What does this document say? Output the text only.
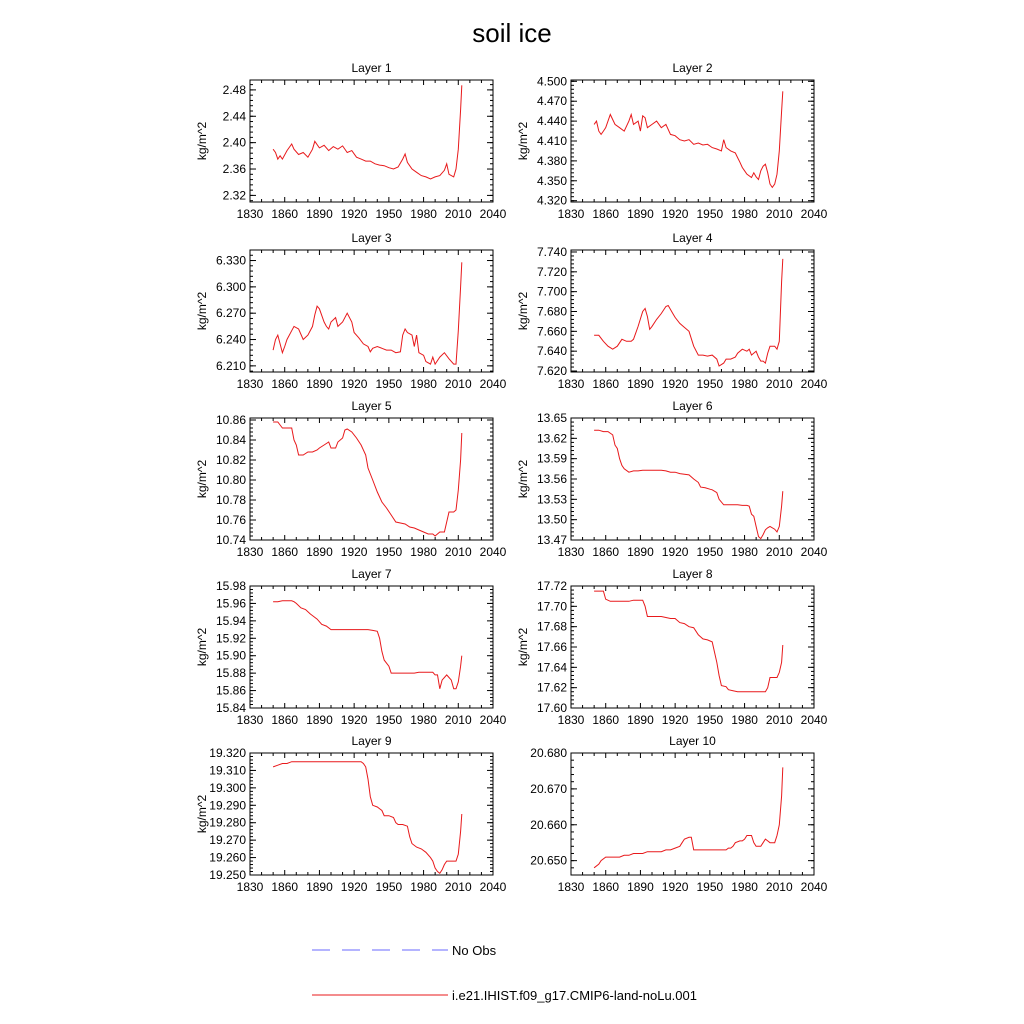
soil ice
Layer 1
1830 1860 1890 1920 1950 1980 2010 2040
2.32
2.36
2.40
2.44
2.48
kg/m^2
Layer 2
1830 1860 1890 1920 1950 1980 2010 2040
4.320
4.350
4.380
4.410
4.440
4.470
4.500
kg/m^2
Layer 3
1830 1860 1890 1920 1950 1980 2010 2040
6.210
6.240
6.270
6.300
6.330
kg/m^2
Layer 4
1830 1860 1890 1920 1950 1980 2010 2040
7.620
7.640
7.660
7.680
7.700
7.720
7.740
kg/m^2
Layer 5
1830 1860 1890 1920 1950 1980 2010 2040
10.74
10.76
10.78
10.80
10.82
10.84
10.86
kg/m^2
Layer 6
1830 1860 1890 1920 1950 1980 2010 2040
13.47
13.50
13.53
13.56
13.59
13.62
13.65
kg/m^2
Layer 7
1830 1860 1890 1920 1950 1980 2010 2040
15.84
15.86
15.88
15.90
15.92
15.94
15.96
15.98
kg/m^2
Layer 8
1830 1860 1890 1920 1950 1980 2010 2040
17.60
17.62
17.64
17.66
17.68
17.70
17.72
kg/m^2
Layer 9
1830 1860 1890 1920 1950 1980 2010 2040
19.250
19.260
19.270
19.280
19.290
19.300
19.310
19.320
kg/m^2
Layer 10
1830 1860 1890 1920 1950 1980 2010 2040
20.650
20.660
20.670
20.680
No Obs
i.e21.IHIST.f09_g17.CMIP6-land-noLu.001
